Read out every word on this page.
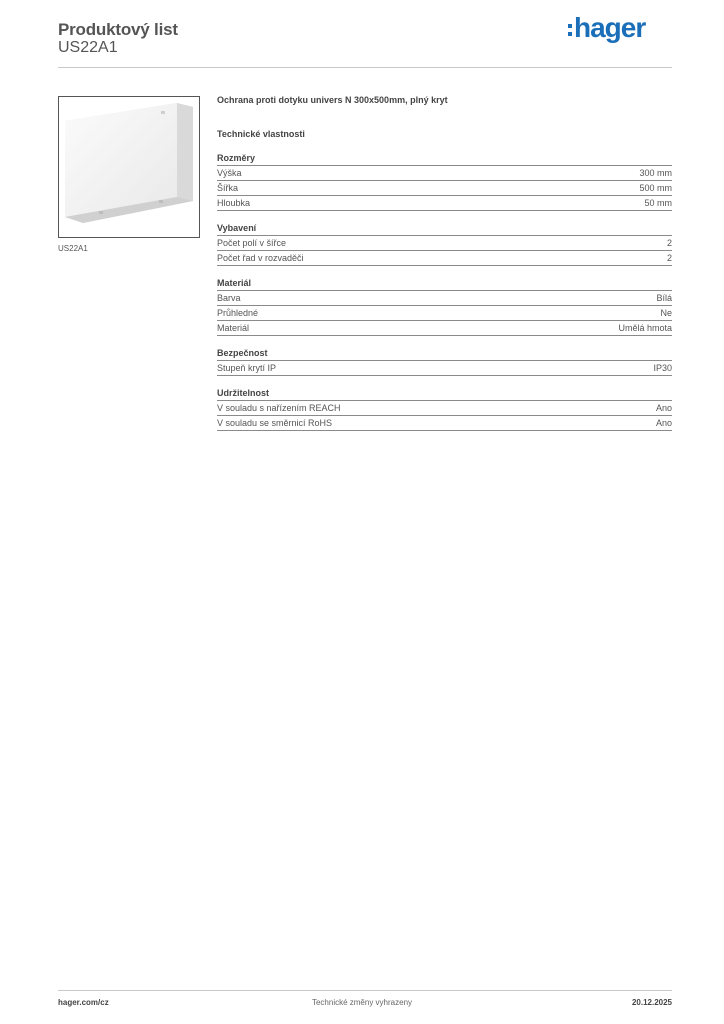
Produktový list
US22A1
hager
US22A1
Ochrana proti dotyku univers N 300x500mm, plný kryt
Technické vlastnosti
Rozměry
Výška	300 mm
Šířka	500 mm
Hloubka	50 mm
Vybavení
Počet polí v šířce	2
Počet řad v rozvaděči	2
Materiál
Barva	Bílá
Průhledné	Ne
Materiál	Umělá hmota
Bezpečnost
Stupeň krytí IP	IP30
Udržitelnost
V souladu s nařízením REACH	Ano
V souladu se směrnicí RoHS	Ano
Technické změny vyhrazeny
hager.com/cz	20.12.2025
